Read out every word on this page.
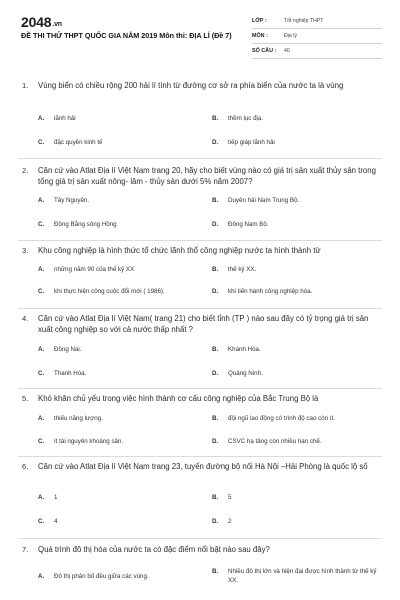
2048.vn
ĐỀ THI THỬ THPT QUỐC GIA NĂM 2019 Môn thi: ĐỊA LÍ (Đề 7)
LỚP :	Tốt nghiệp THPT
MÔN :	Địa lý
SỐ CÂU :	40
1. Vùng biển có chiều rộng 200 hải lí tính từ đường cơ sở ra phía biển của nước ta là vùng
A.	lãnh hải	B.	thềm lục địa.
C.	đặc quyền kinh tế	D.	tiếp giáp lãnh hải
2. Căn cứ vào Atlat Địa lí Việt Nam trang 20, hãy cho biết vùng nào có giá trị sản xuất thủy sản trong tổng giá trị sản xuất nông- lâm - thủy sản dưới 5% năm 2007?
A.	Tây Nguyên.	B.	Duyên hải Nam Trung Bộ.
C.	Đồng Bằng sông Hồng	D.	Đông Nam Bộ.
3. Khu công nghiệp là hình thức tổ chức lãnh thổ công nghiệp nước ta hình thành từ
A.	những năm 90 của thế kỷ XX	B.	thế kỷ XX.
C.	khi thực hiện công cuộc đổi mới ( 1986).	D.	khi tiến hành công nghiệp hóa.
4. Căn cứ vào Atlat Địa lí Việt Nam( trang 21) cho biết tỉnh (TP ) nào sau đây có tỷ trọng giá trị sản xuất công nghiệp so với cả nước thấp nhất ?
A.	Đồng Nai.	B.	Khánh Hòa.
C.	Thanh Hóa.	D.	Quảng Ninh.
5. Khó khăn chủ yếu trong việc hình thành cơ cấu công nghiệp của Bắc Trung Bộ là
A.	thiếu năng lượng.	B.	đội ngũ lao động có trình độ cao còn ít.
C.	ít tài nguyên khoáng sản.	D.	CSVC hạ tầng còn nhiều hạn chế.
6. Căn cứ vào Atlat Địa lí Việt Nam trang 23, tuyến đường bộ nối Hà Nội –Hải Phòng là quốc lộ số
A.	1	B.	5
C.	4	D.	2
7. Quá trình đô thị hóa của nước ta có đặc điểm nổi bật nào sau đây?
A.	Đô thị phân bố đều giữa các vùng.
B.	Nhiều đô thị lớn và hiện đại được hình thành từ thế kỷ XX.
